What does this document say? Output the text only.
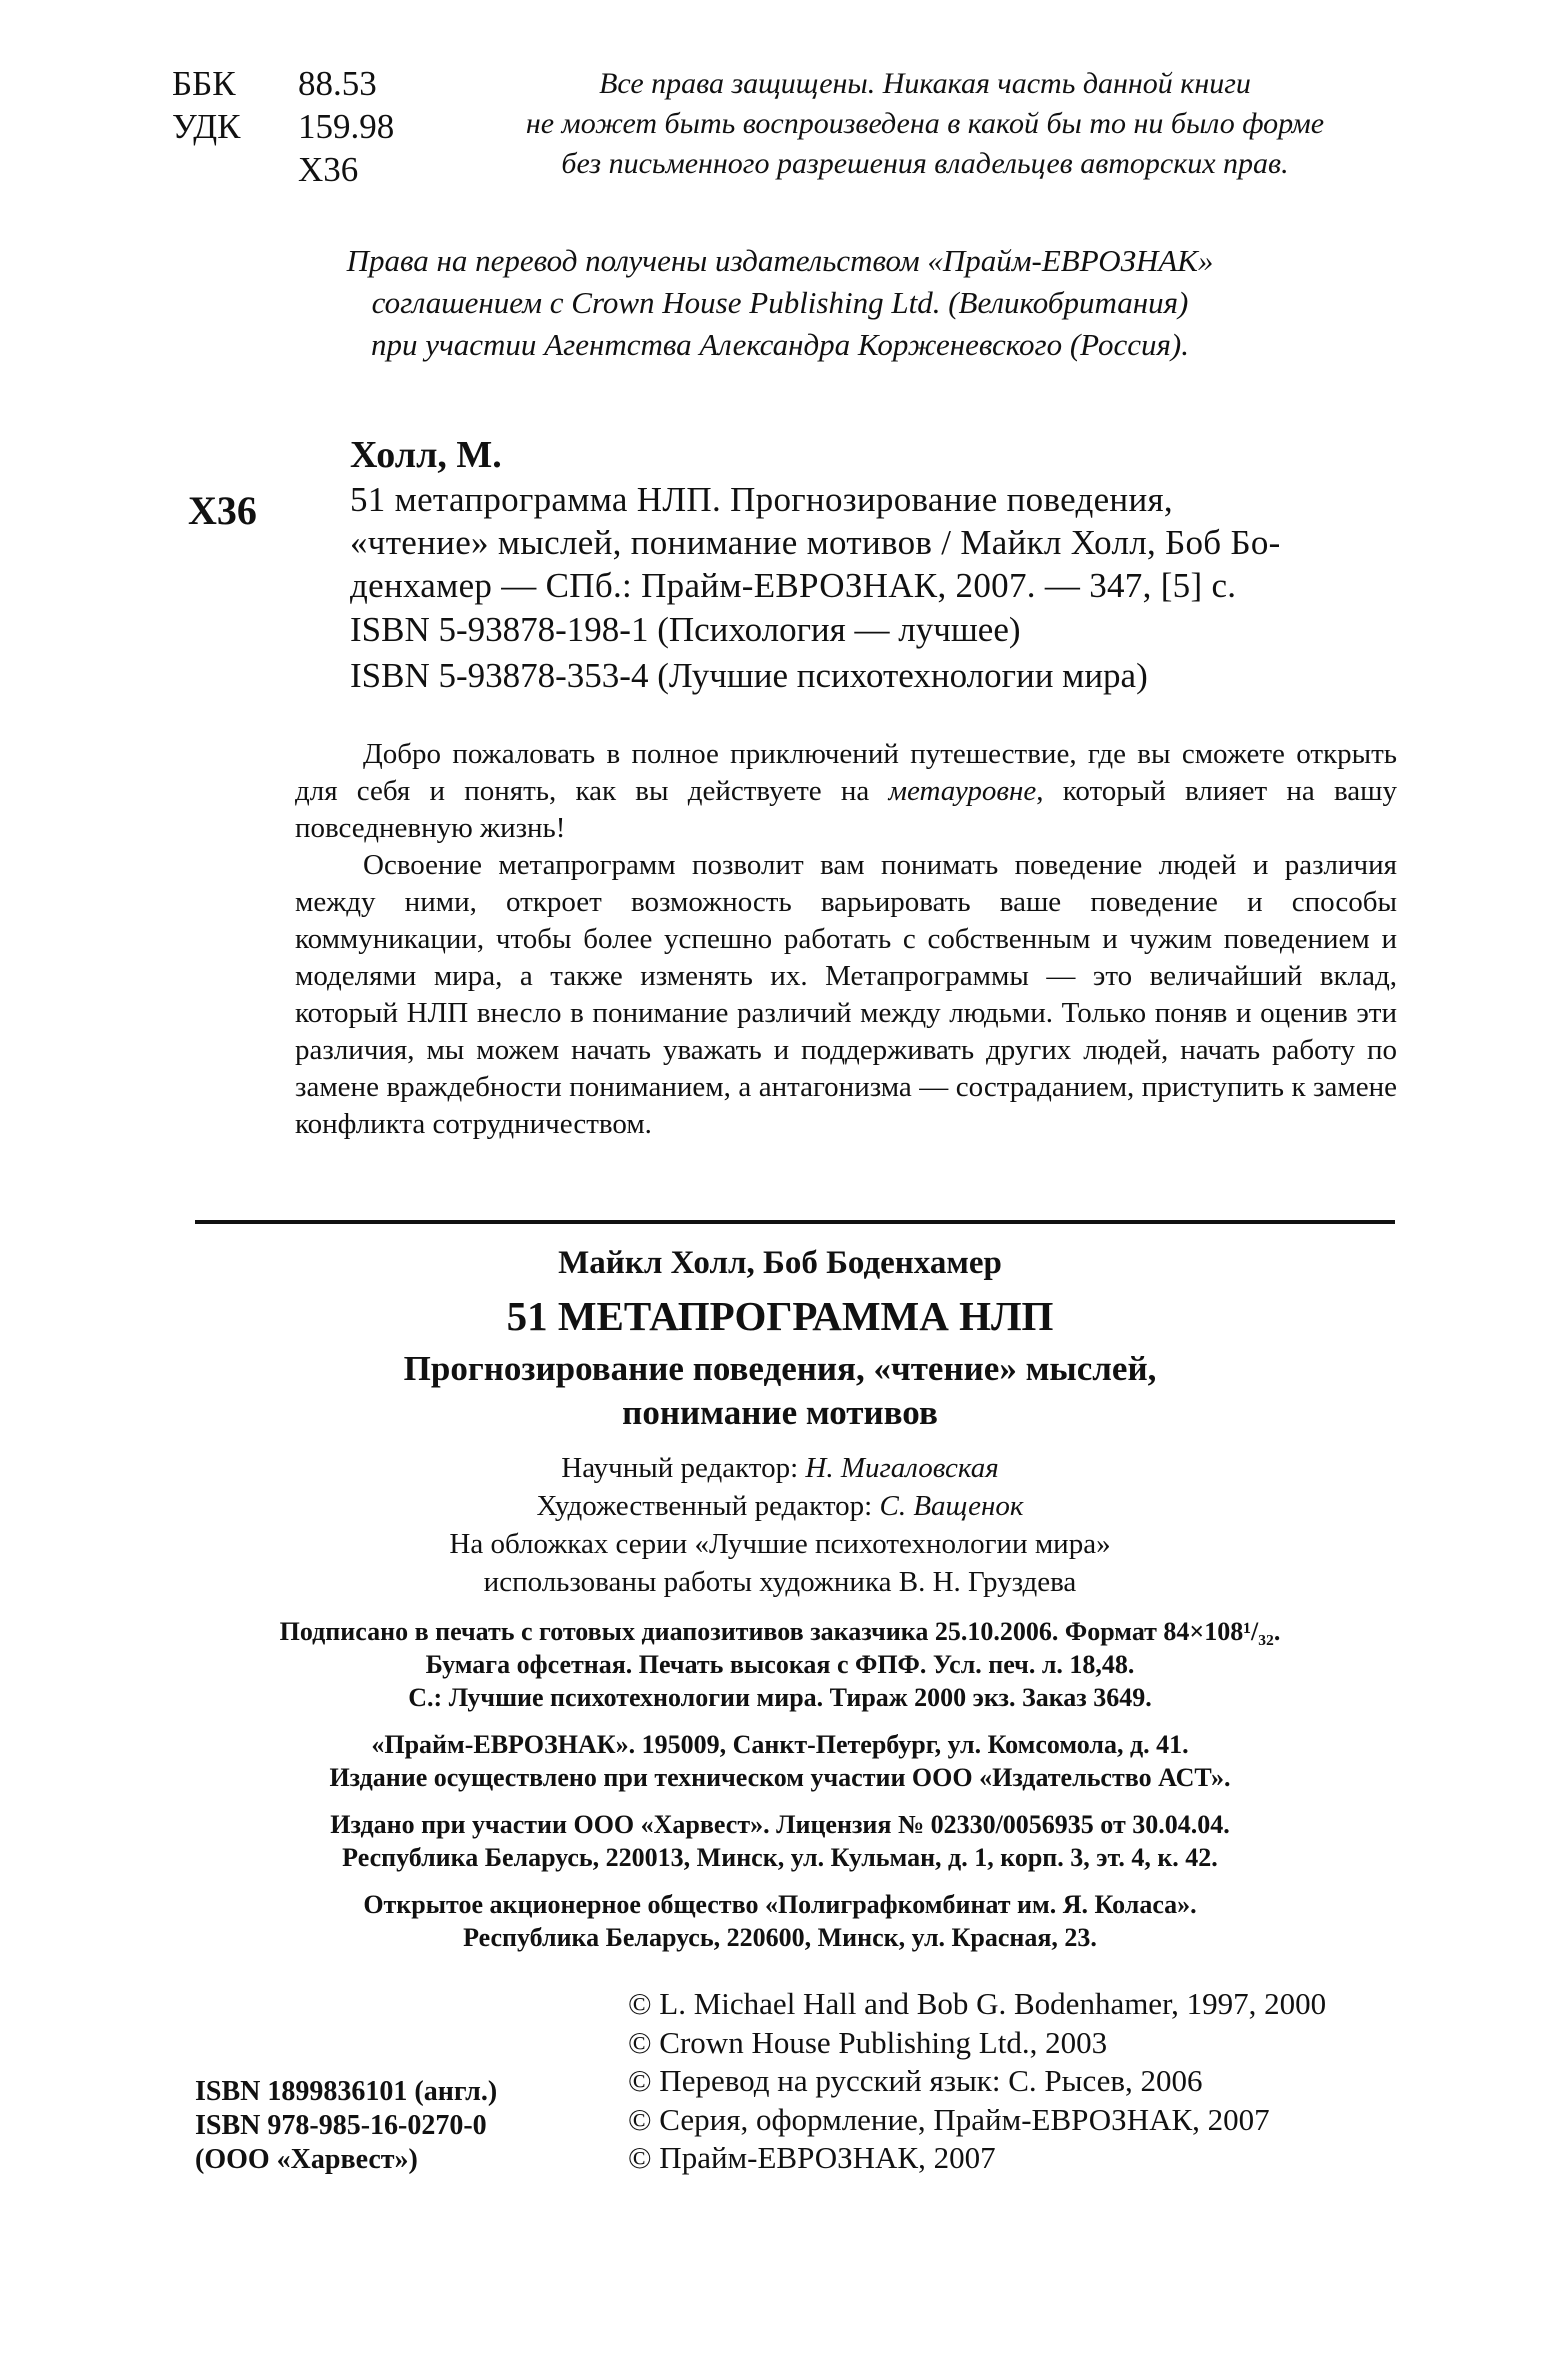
ББК	88.53
УДК	159.98
Х36
Все права защищены. Никакая часть данной книги
не может быть воспроизведена в какой бы то ни было форме
без письменного разрешения владельцев авторских прав.
Права на перевод получены издательством «Прайм-ЕВРОЗНАК»
соглашением с Crown House Publishing Ltd. (Великобритания)
при участии Агентства Александра Корженевского (Россия).
Х36
Холл, М.
51 метапрограмма НЛП. Прогнозирование поведения,
«чтение» мыслей, понимание мотивов / Майкл Холл, Боб Бо-
денхамер — СПб.: Прайм-ЕВРОЗНАК, 2007. — 347, [5] с.
ISBN 5-93878-198-1 (Психология — лучшее)
ISBN 5-93878-353-4 (Лучшие психотехнологии мира)

Добро пожаловать в полное приключений путешествие, где вы сможете открыть для себя и понять, как вы действуете на метауровне, который влияет на вашу повседневную жизнь!

Освоение метапрограмм позволит вам понимать поведение людей и различия между ними, откроет возможность варьировать ваше поведение и способы коммуникации, чтобы более успешно работать с собственным и чужим поведением и моделями мира, а также изменять их. Метапрограммы — это величайший вклад, который НЛП внесло в понимание различий между людьми. Только поняв и оценив эти различия, мы можем начать уважать и поддерживать других людей, начать работу по замене враждебности пониманием, а антагонизма — состраданием, приступить к замене конфликта сотрудничеством.

Майкл Холл, Боб Боденхамер
51 МЕТАПРОГРАММА НЛП
Прогнозирование поведения, «чтение» мыслей,
понимание мотивов
Научный редактор: Н. Мигаловская
Художественный редактор: С. Ващенок
На обложках серии «Лучшие психотехнологии мира»
использованы работы художника В. Н. Груздева
Подписано в печать с готовых диапозитивов заказчика 25.10.2006. Формат 84×108¹/₃₂.
Бумага офсетная. Печать высокая с ФПФ. Усл. печ. л. 18,48.
С.: Лучшие психотехнологии мира. Тираж 2000 экз. Заказ 3649.
«Прайм-ЕВРОЗНАК». 195009, Санкт-Петербург, ул. Комсомола, д. 41.
Издание осуществлено при техническом участии ООО «Издательство АСТ».
Издано при участии ООО «Харвест». Лицензия № 02330/0056935 от 30.04.04.
Республика Беларусь, 220013, Минск, ул. Кульман, д. 1, корп. 3, эт. 4, к. 42.
Открытое акционерное общество «Полиграфкомбинат им. Я. Коласа».
Республика Беларусь, 220600, Минск, ул. Красная, 23.
ISBN 1899836101 (англ.)
ISBN 978-985-16-0270-0
(ООО «Харвест»)
© L. Michael Hall and Bob G. Bodenhamer, 1997, 2000
© Crown House Publishing Ltd., 2003
© Перевод на русский язык: С. Рысев, 2006
© Серия, оформление, Прайм-ЕВРОЗНАК, 2007
© Прайм-ЕВРОЗНАК, 2007
